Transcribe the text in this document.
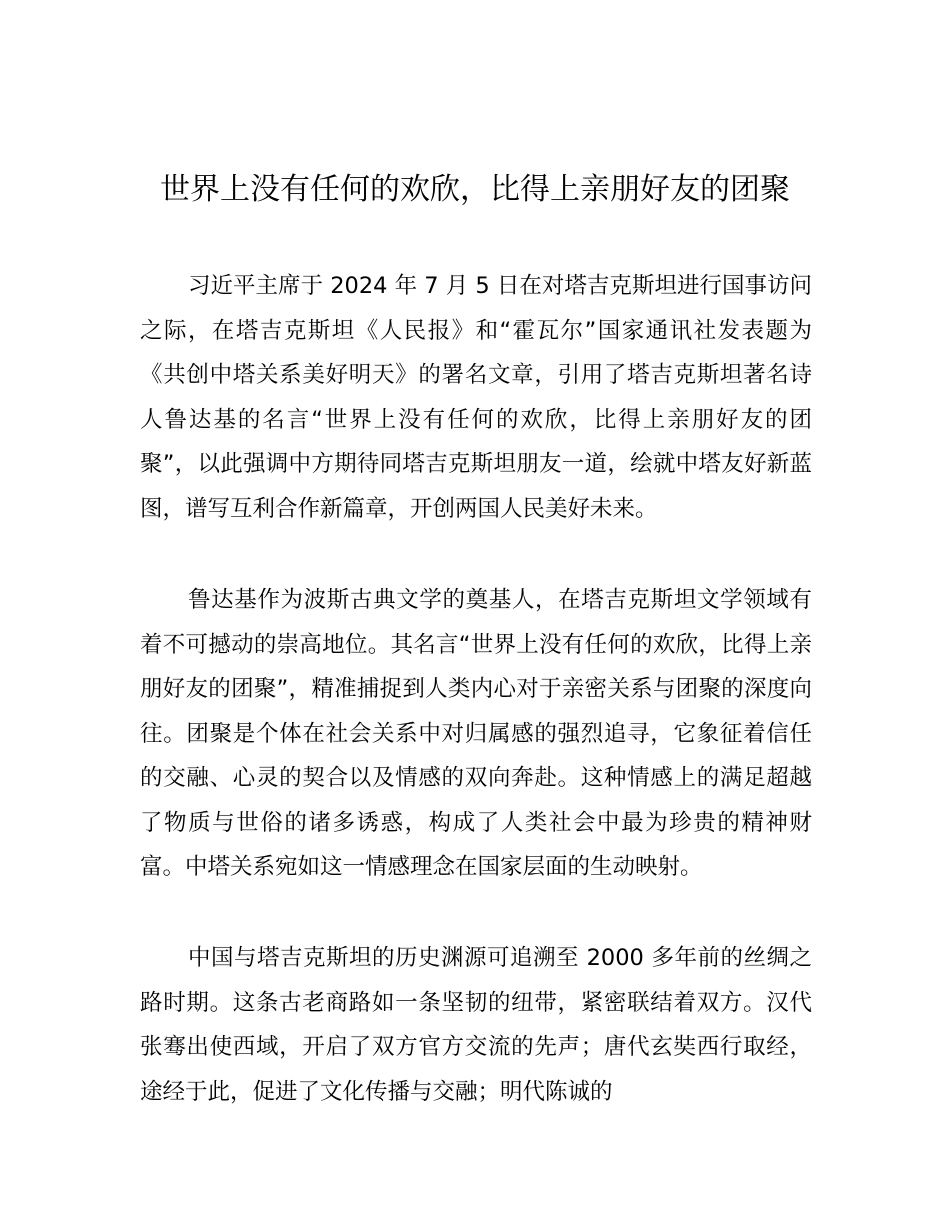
世界上没有任何的欢欣，比得上亲朋好友的团聚

习近平主席于 2024 年 7 月 5 日在对塔吉克斯坦进行国事访问之际，在塔吉克斯坦《人民报》和“霍瓦尔”国家通讯社发表题为《共创中塔关系美好明天》的署名文章，引用了塔吉克斯坦著名诗人鲁达基的名言“世界上没有任何的欢欣，比得上亲朋好友的团聚”，以此强调中方期待同塔吉克斯坦朋友一道，绘就中塔友好新蓝图，谱写互利合作新篇章，开创两国人民美好未来。

鲁达基作为波斯古典文学的奠基人，在塔吉克斯坦文学领域有着不可撼动的崇高地位。其名言“世界上没有任何的欢欣，比得上亲朋好友的团聚”，精准捕捉到人类内心对于亲密关系与团聚的深度向往。团聚是个体在社会关系中对归属感的强烈追寻，它象征着信任的交融、心灵的契合以及情感的双向奔赴。这种情感上的满足超越了物质与世俗的诸多诱惑，构成了人类社会中最为珍贵的精神财富。中塔关系宛如这一情感理念在国家层面的生动映射。

中国与塔吉克斯坦的历史渊源可追溯至 2000 多年前的丝绸之路时期。这条古老商路如一条坚韧的纽带，紧密联结着双方。汉代张骞出使西域，开启了双方官方交流的先声；唐代玄奘西行取经，途经于此，促进了文化传播与交融；明代陈诚的
